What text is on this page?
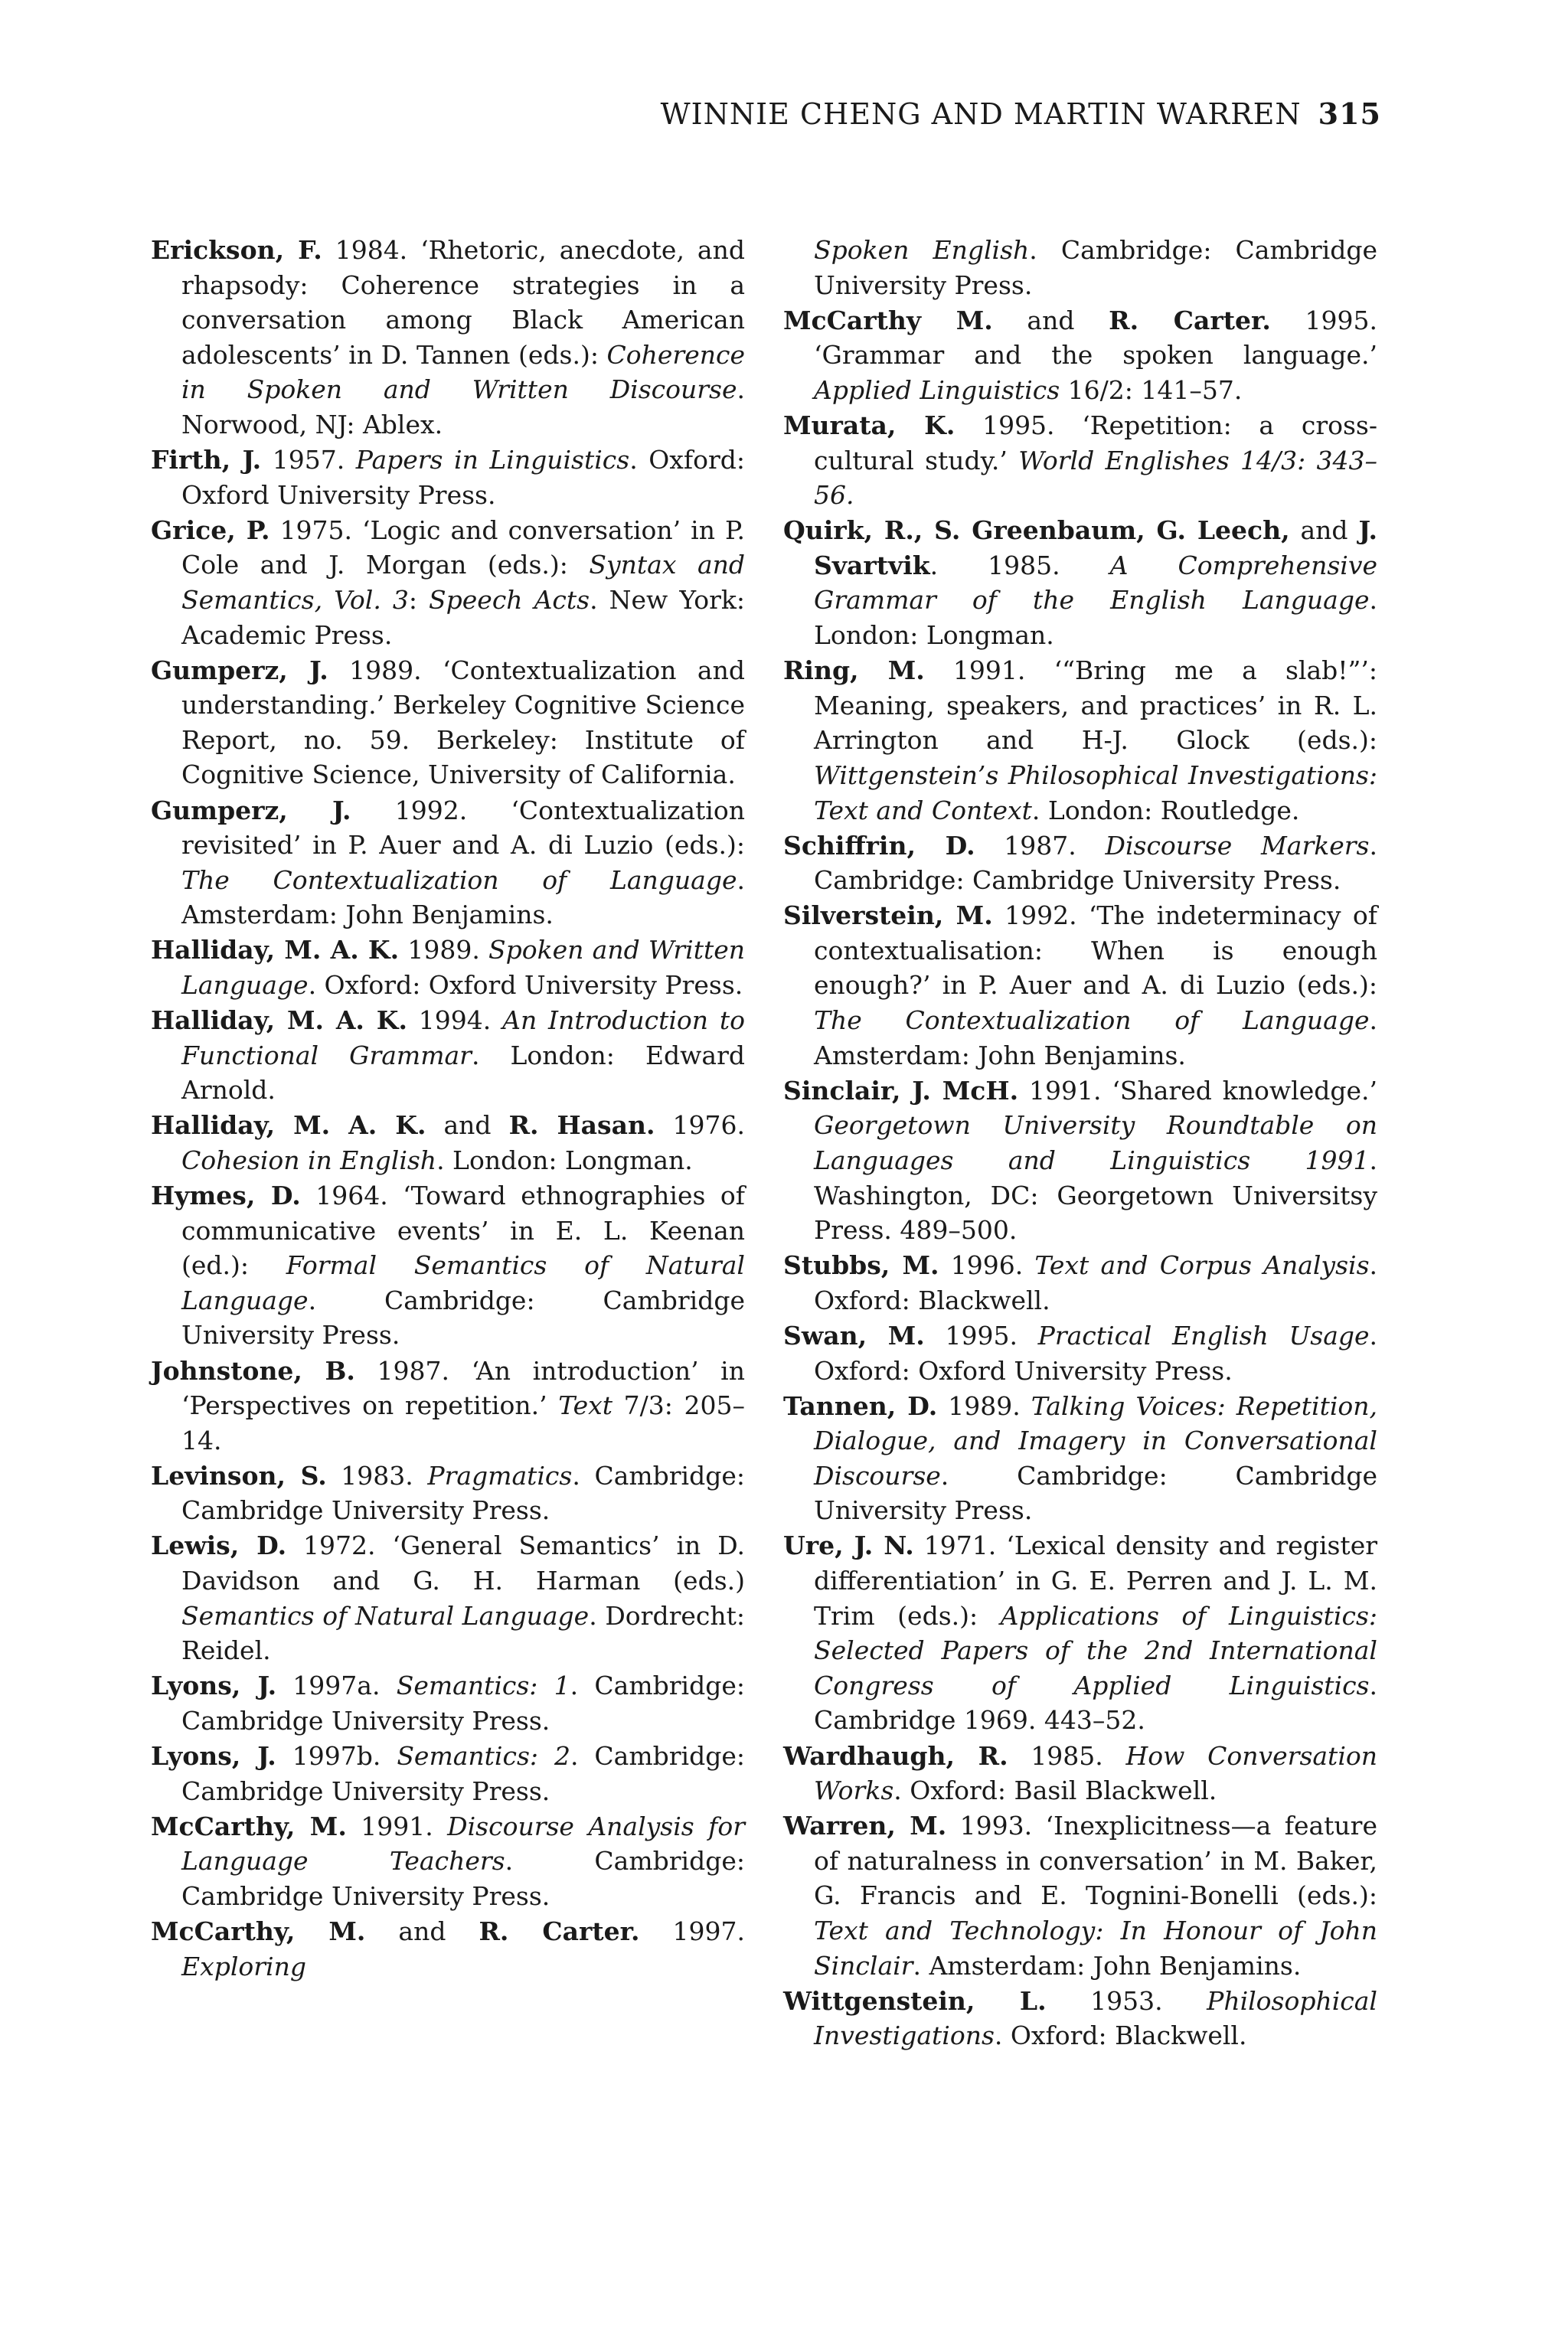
WINNIE CHENG AND MARTIN WARREN 315

Erickson, F. 1984. ‘Rhetoric, anecdote, and rhapsody: Coherence strategies in a conversation among Black American adolescents’ in D. Tannen (eds.): Coherence in Spoken and Written Discourse. Norwood, NJ: Ablex.

Firth, J. 1957. Papers in Linguistics. Oxford: Oxford University Press.

Grice, P. 1975. ‘Logic and conversation’ in P. Cole and J. Morgan (eds.): Syntax and Semantics, Vol. 3: Speech Acts. New York: Academic Press.

Gumperz, J. 1989. ‘Contextualization and understanding.’ Berkeley Cognitive Science Report, no. 59. Berkeley: Institute of Cognitive Science, University of California.

Gumperz, J. 1992. ‘Contextualization revisited’ in P. Auer and A. di Luzio (eds.): The Contextualization of Language. Amsterdam: John Benjamins.

Halliday, M. A. K. 1989. Spoken and Written Language. Oxford: Oxford University Press.

Halliday, M. A. K. 1994. An Introduction to Functional Grammar. London: Edward Arnold.

Halliday, M. A. K. and R. Hasan. 1976. Cohesion in English. London: Longman.

Hymes, D. 1964. ‘Toward ethnographies of communicative events’ in E. L. Keenan (ed.): Formal Semantics of Natural Language. Cambridge: Cambridge University Press.

Johnstone, B. 1987. ‘An introduction’ in ‘Perspectives on repetition.’ Text 7/3: 205–14.

Levinson, S. 1983. Pragmatics. Cambridge: Cambridge University Press.

Lewis, D. 1972. ‘General Semantics’ in D. Davidson and G. H. Harman (eds.) Semantics of Natural Language. Dordrecht: Reidel.

Lyons, J. 1997a. Semantics: 1. Cambridge: Cambridge University Press.

Lyons, J. 1997b. Semantics: 2. Cambridge: Cambridge University Press.

McCarthy, M. 1991. Discourse Analysis for Language Teachers. Cambridge: Cambridge University Press.

McCarthy, M. and R. Carter. 1997. Exploring

Spoken English. Cambridge: Cambridge University Press.

McCarthy M. and R. Carter. 1995. ‘Grammar and the spoken language.’ Applied Linguistics 16/2: 141–57.

Murata, K. 1995. ‘Repetition: a cross-cultural study.’ World Englishes 14/3: 343–56.

Quirk, R., S. Greenbaum, G. Leech, and J. Svartvik. 1985. A Comprehensive Grammar of the English Language. London: Longman.

Ring, M. 1991. ‘“Bring me a slab!”’: Meaning, speakers, and practices’ in R. L. Arrington and H-J. Glock (eds.): Wittgenstein’s Philosophical Investigations: Text and Context. London: Routledge.

Schiffrin, D. 1987. Discourse Markers. Cambridge: Cambridge University Press.

Silverstein, M. 1992. ‘The indeterminacy of contextualisation: When is enough enough?’ in P. Auer and A. di Luzio (eds.): The Contextualization of Language. Amsterdam: John Benjamins.

Sinclair, J. McH. 1991. ‘Shared knowledge.’ Georgetown University Roundtable on Languages and Linguistics 1991. Washington, DC: Georgetown Universitsy Press. 489–500.

Stubbs, M. 1996. Text and Corpus Analysis. Oxford: Blackwell.

Swan, M. 1995. Practical English Usage. Oxford: Oxford University Press.

Tannen, D. 1989. Talking Voices: Repetition, Dialogue, and Imagery in Conversational Discourse. Cambridge: Cambridge University Press.

Ure, J. N. 1971. ‘Lexical density and register differentiation’ in G. E. Perren and J. L. M. Trim (eds.): Applications of Linguistics: Selected Papers of the 2nd International Congress of Applied Linguistics. Cambridge 1969. 443–52.

Wardhaugh, R. 1985. How Conversation Works. Oxford: Basil Blackwell.

Warren, M. 1993. ‘Inexplicitness—a feature of naturalness in conversation’ in M. Baker, G. Francis and E. Tognini-Bonelli (eds.): Text and Technology: In Honour of John Sinclair. Amsterdam: John Benjamins.

Wittgenstein, L. 1953. Philosophical Investigations. Oxford: Blackwell.
